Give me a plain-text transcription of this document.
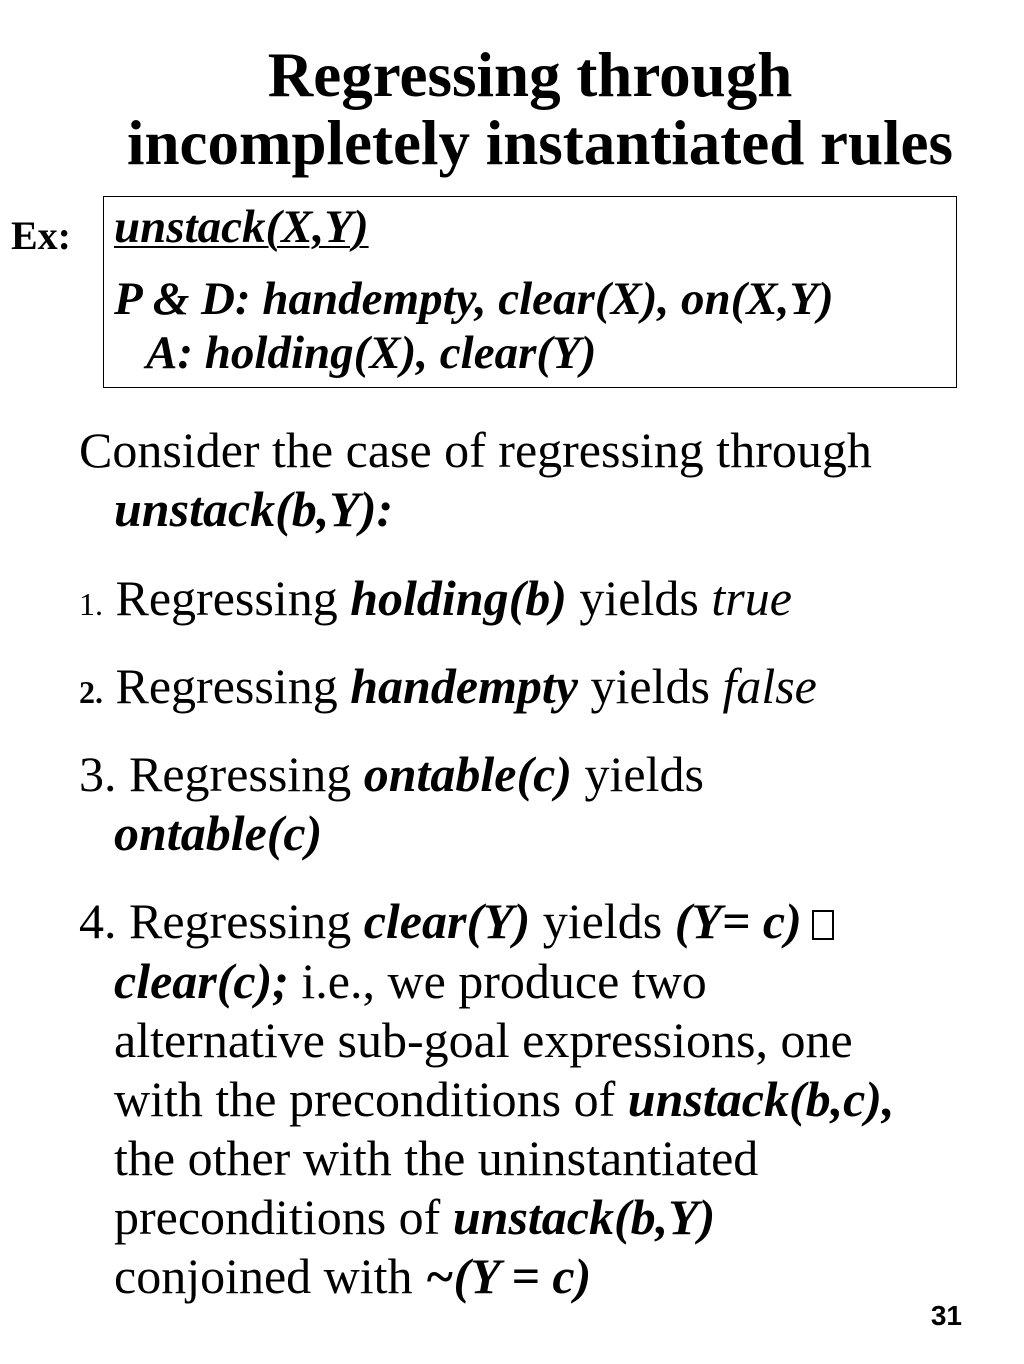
Regressing through
incompletely instantiated rules
Ex: unstack(X,Y)
P & D: handempty, clear(X), on(X,Y)
A: holding(X), clear(Y)
Consider the case of regressing through
unstack(b,Y):
1. Regressing holding(b) yields true
2. Regressing handempty yields false
3. Regressing ontable(c) yields
ontable(c)
4. Regressing clear(Y) yields (Y= c)
clear(c); i.e., we produce two
alternative sub-goal expressions, one
with the preconditions of unstack(b,c),
the other with the uninstantiated
preconditions of unstack(b,Y)
conjoined with ~(Y = c)
31
